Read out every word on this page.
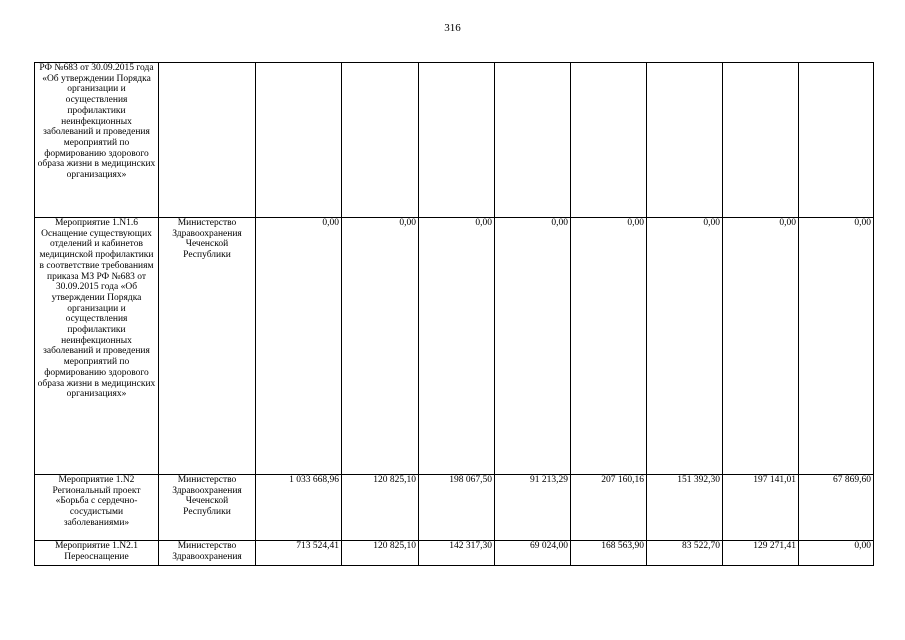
316
РФ №683 от 30.09.2015 года «Об утверждении Порядка организации и осуществления профилактики неинфекционных заболеваний и проведения мероприятий по формированию здорового образа жизни в медицинских организациях»									
Мероприятие 1.N1.6 Оснащение существующих отделений и кабинетов медицинской профилактики в соответствие требованиям приказа МЗ РФ №683 от 30.09.2015 года «Об утверждении Порядка организации и осуществления профилактики неинфекционных заболеваний и проведения мероприятий по формированию здорового образа жизни в медицинских организациях»	Министерство Здравоохранения Чеченской Республики	0,00	0,00	0,00	0,00	0,00	0,00	0,00	0,00
Мероприятие 1.N2 Региональный проект «Борьба с сердечно-сосудистыми заболеваниями»	Министерство Здравоохранения Чеченской Республики	1 033 668,96	120 825,10	198 067,50	91 213,29	207 160,16	151 392,30	197 141,01	67 869,60
Мероприятие 1.N2.1 Переоснащение	Министерство Здравоохранения	713 524,41	120 825,10	142 317,30	69 024,00	168 563,90	83 522,70	129 271,41	0,00
